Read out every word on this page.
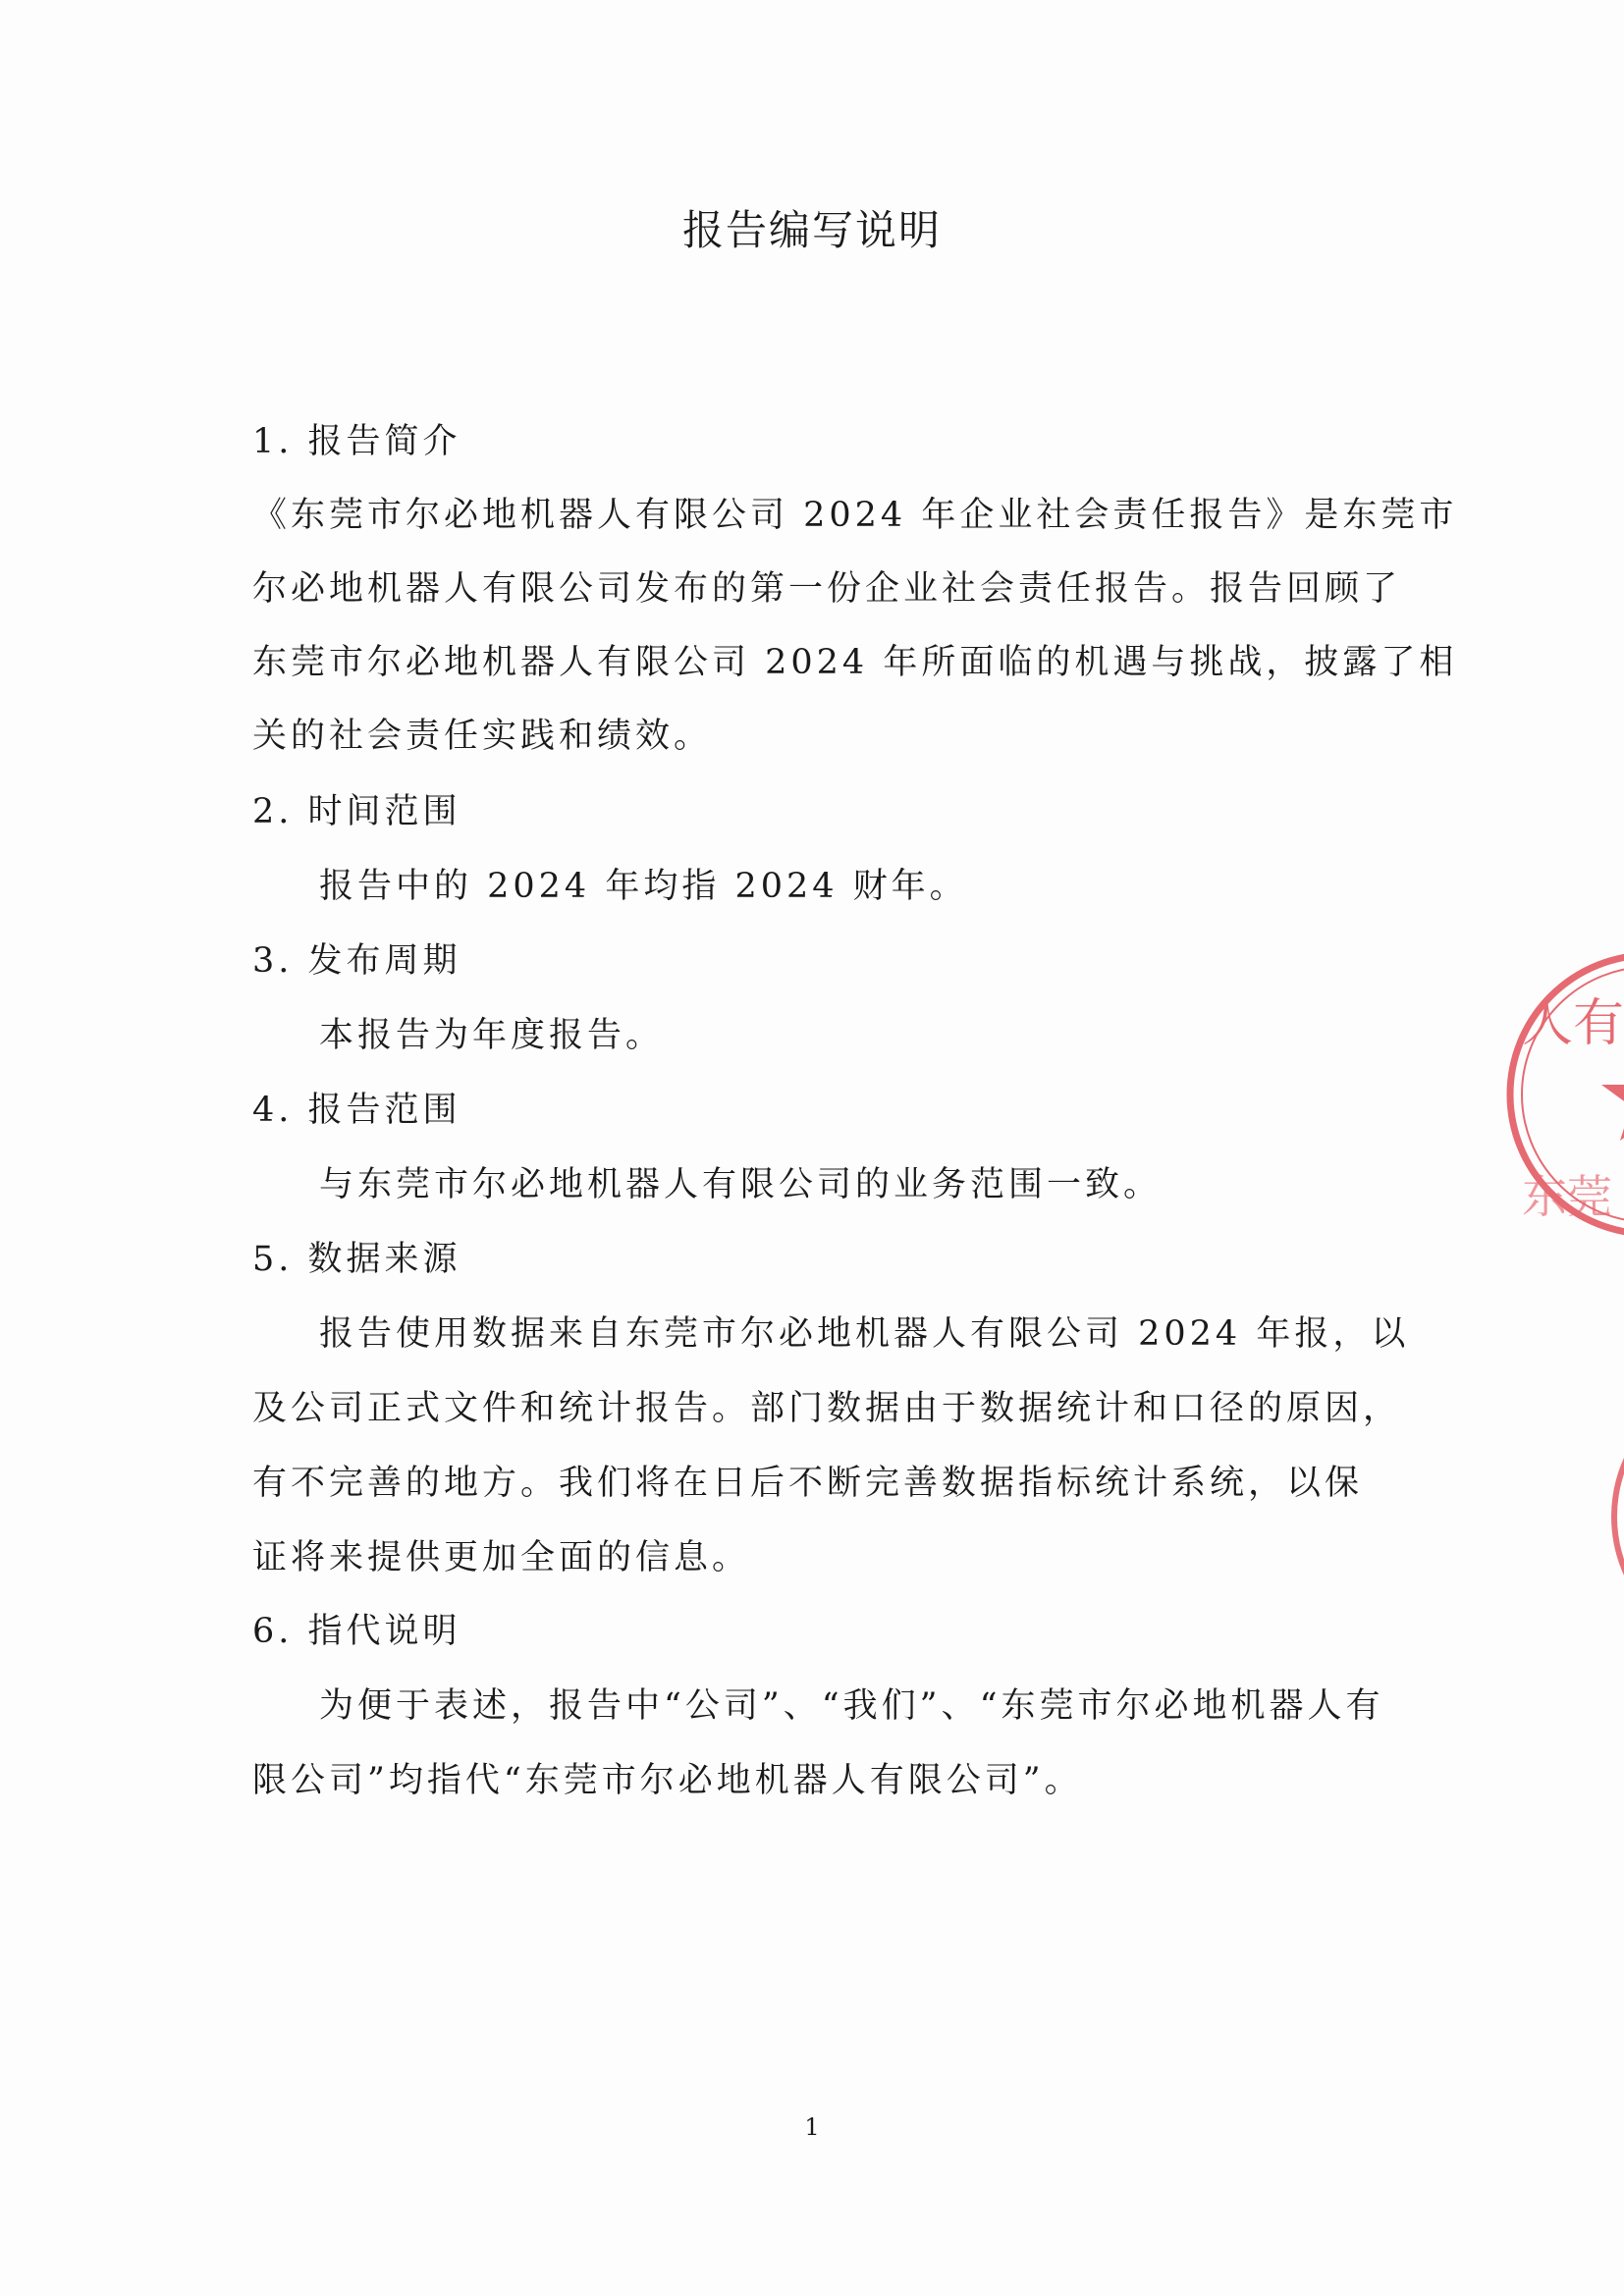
报告编写说明
1. 报告简介
《东莞市尔必地机器人有限公司 2024 年企业社会责任报告》是东莞市
尔必地机器人有限公司发布的第一份企业社会责任报告。报告回顾了
东莞市尔必地机器人有限公司 2024 年所面临的机遇与挑战，披露了相
关的社会责任实践和绩效。
2. 时间范围
报告中的 2024 年均指 2024 财年。
3. 发布周期
本报告为年度报告。
4. 报告范围
与东莞市尔必地机器人有限公司的业务范围一致。
5. 数据来源
报告使用数据来自东莞市尔必地机器人有限公司 2024 年报，以
及公司正式文件和统计报告。部门数据由于数据统计和口径的原因，
有不完善的地方。我们将在日后不断完善数据指标统计系统，以保
证将来提供更加全面的信息。
6. 指代说明
为便于表述，报告中“公司”、“我们”、“东莞市尔必地机器人有
限公司”均指代“东莞市尔必地机器人有限公司”。
1
人有
东莞
